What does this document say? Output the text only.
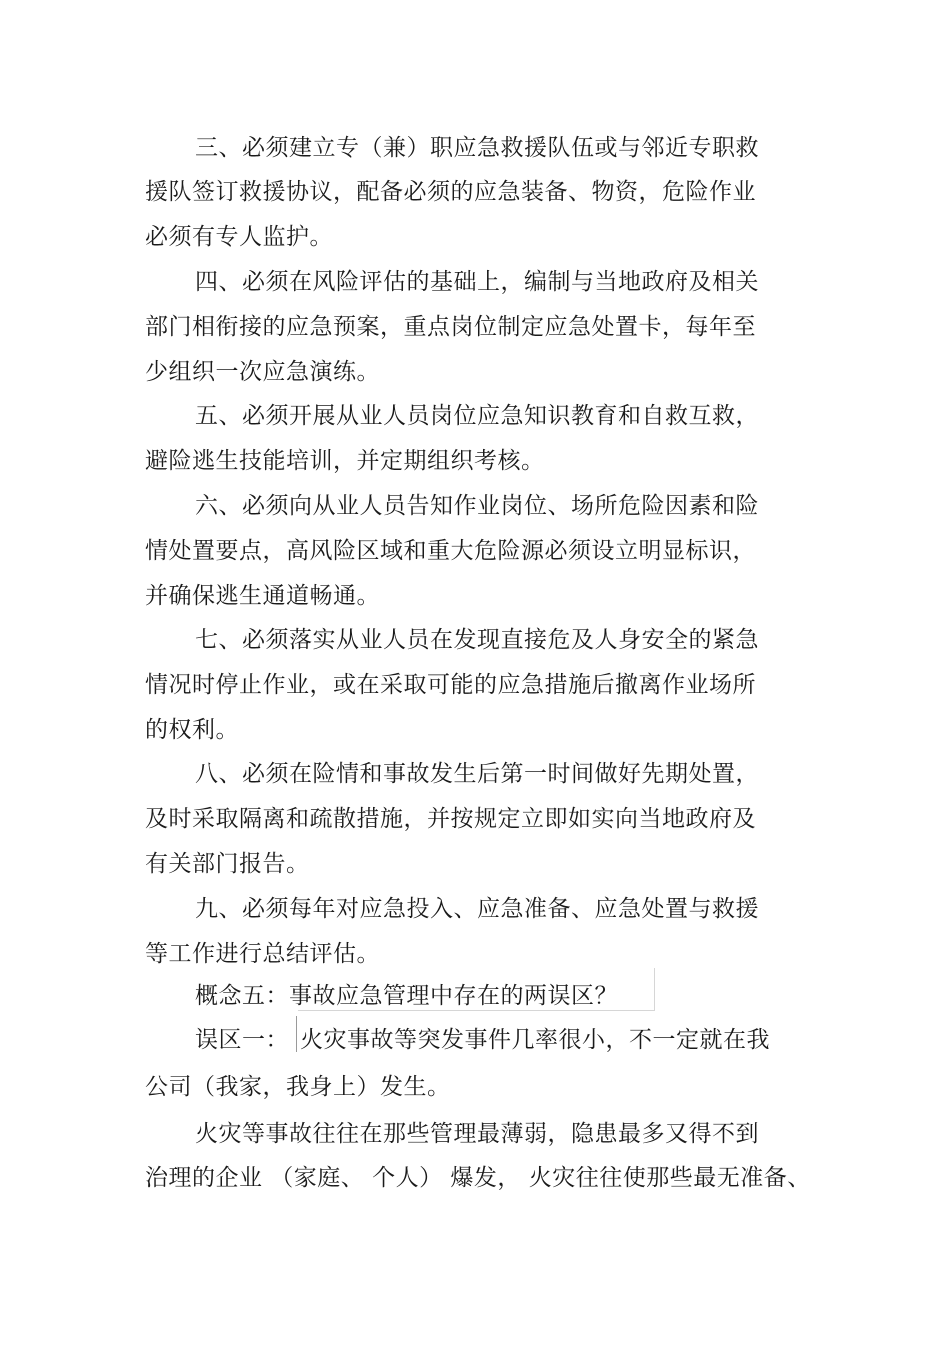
三、必须建立专（兼）职应急救援队伍或与邻近专职救
援队签订救援协议，配备必须的应急装备、物资，危险作业
必须有专人监护。
四、必须在风险评估的基础上，编制与当地政府及相关
部门相衔接的应急预案，重点岗位制定应急处置卡，每年至
少组织一次应急演练。
五、必须开展从业人员岗位应急知识教育和自救互救，
避险逃生技能培训，并定期组织考核。
六、必须向从业人员告知作业岗位、场所危险因素和险
情处置要点，高风险区域和重大危险源必须设立明显标识，
并确保逃生通道畅通。
七、必须落实从业人员在发现直接危及人身安全的紧急
情况时停止作业，或在采取可能的应急措施后撤离作业场所
的权利。
八、必须在险情和事故发生后第一时间做好先期处置，
及时采取隔离和疏散措施，并按规定立即如实向当地政府及
有关部门报告。
九、必须每年对应急投入、应急准备、应急处置与救援
等工作进行总结评估。
概念五：事故应急管理中存在的两误区？
误区一： 火灾事故等突发事件几率很小，不一定就在我
公司（我家，我身上）发生。
火灾等事故往往在那些管理最薄弱，隐患最多又得不到
治理的企业 （家庭、 个人） 爆发， 火灾往往使那些最无准备、
